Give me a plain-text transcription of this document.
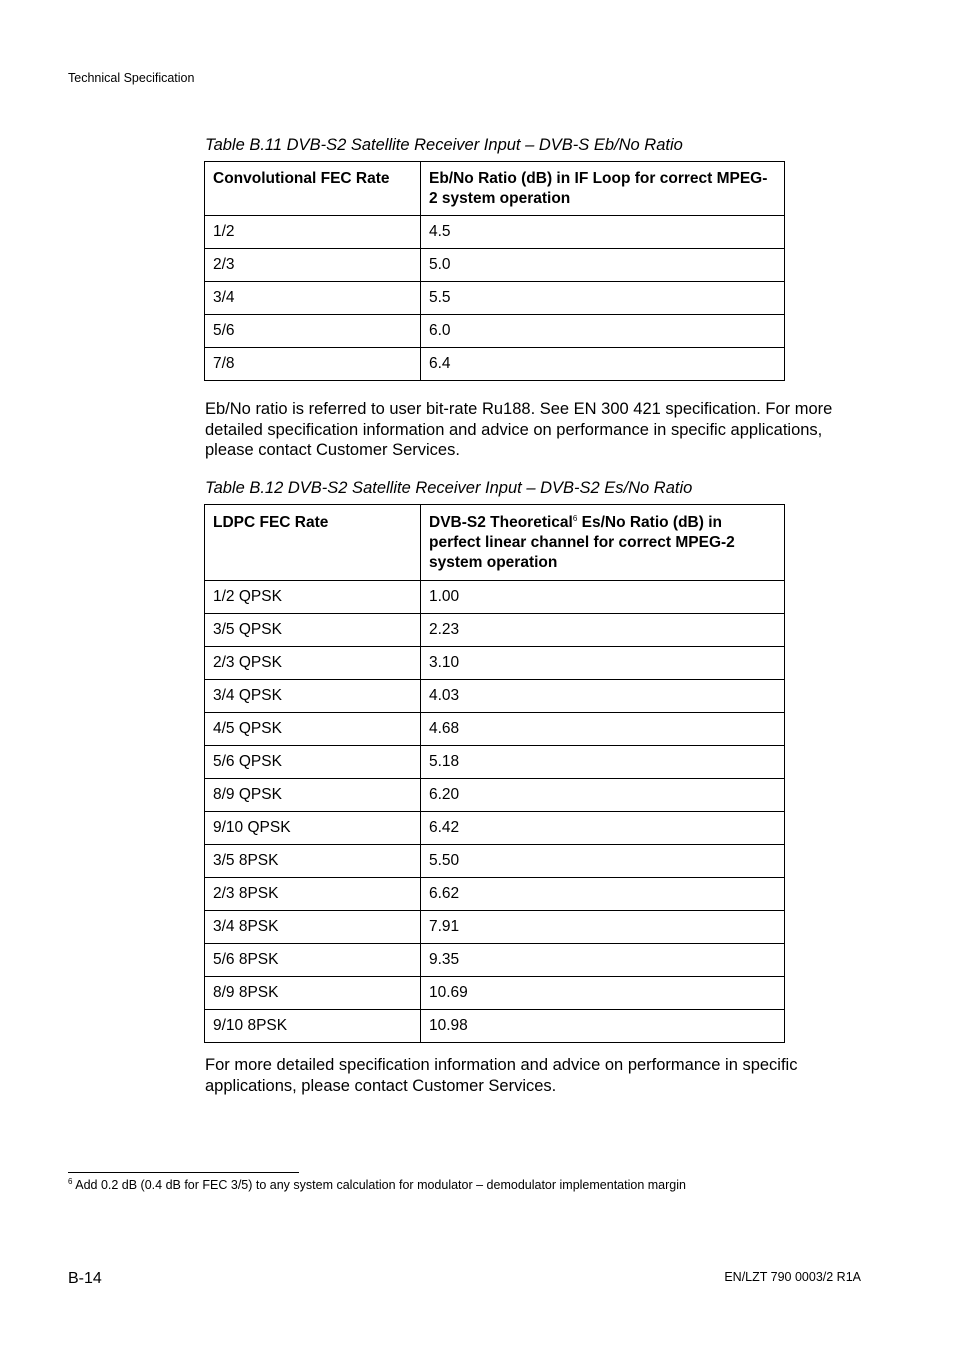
Technical Specification
Table B.11 DVB-S2 Satellite Receiver Input – DVB-S Eb/No Ratio
Convolutional FEC Rate	Eb/No Ratio (dB) in IF Loop for correct MPEG-2 system operation
1/2	4.5
2/3	5.0
3/4	5.5
5/6	6.0
7/8	6.4

Eb/No ratio is referred to user bit-rate Ru188. See EN 300 421 specification. For more detailed specification information and advice on performance in specific applications, please contact Customer Services.

Table B.12 DVB-S2 Satellite Receiver Input – DVB-S2 Es/No Ratio
LDPC FEC Rate	DVB-S2 Theoretical$^6$ Es/No Ratio (dB) in perfect linear channel for correct MPEG-2 system operation
1/2 QPSK	1.00
3/5 QPSK	2.23
2/3 QPSK	3.10
3/4 QPSK	4.03
4/5 QPSK	4.68
5/6 QPSK	5.18
8/9 QPSK	6.20
9/10 QPSK	6.42
3/5 8PSK	5.50
2/3 8PSK	6.62
3/4 8PSK	7.91
5/6 8PSK	9.35
8/9 8PSK	10.69
9/10 8PSK	10.98

For more detailed specification information and advice on performance in specific applications, please contact Customer Services.

$^6$ Add 0.2 dB (0.4 dB for FEC 3/5) to any system calculation for modulator – demodulator implementation margin
B-14	EN/LZT 790 0003/2 R1A
